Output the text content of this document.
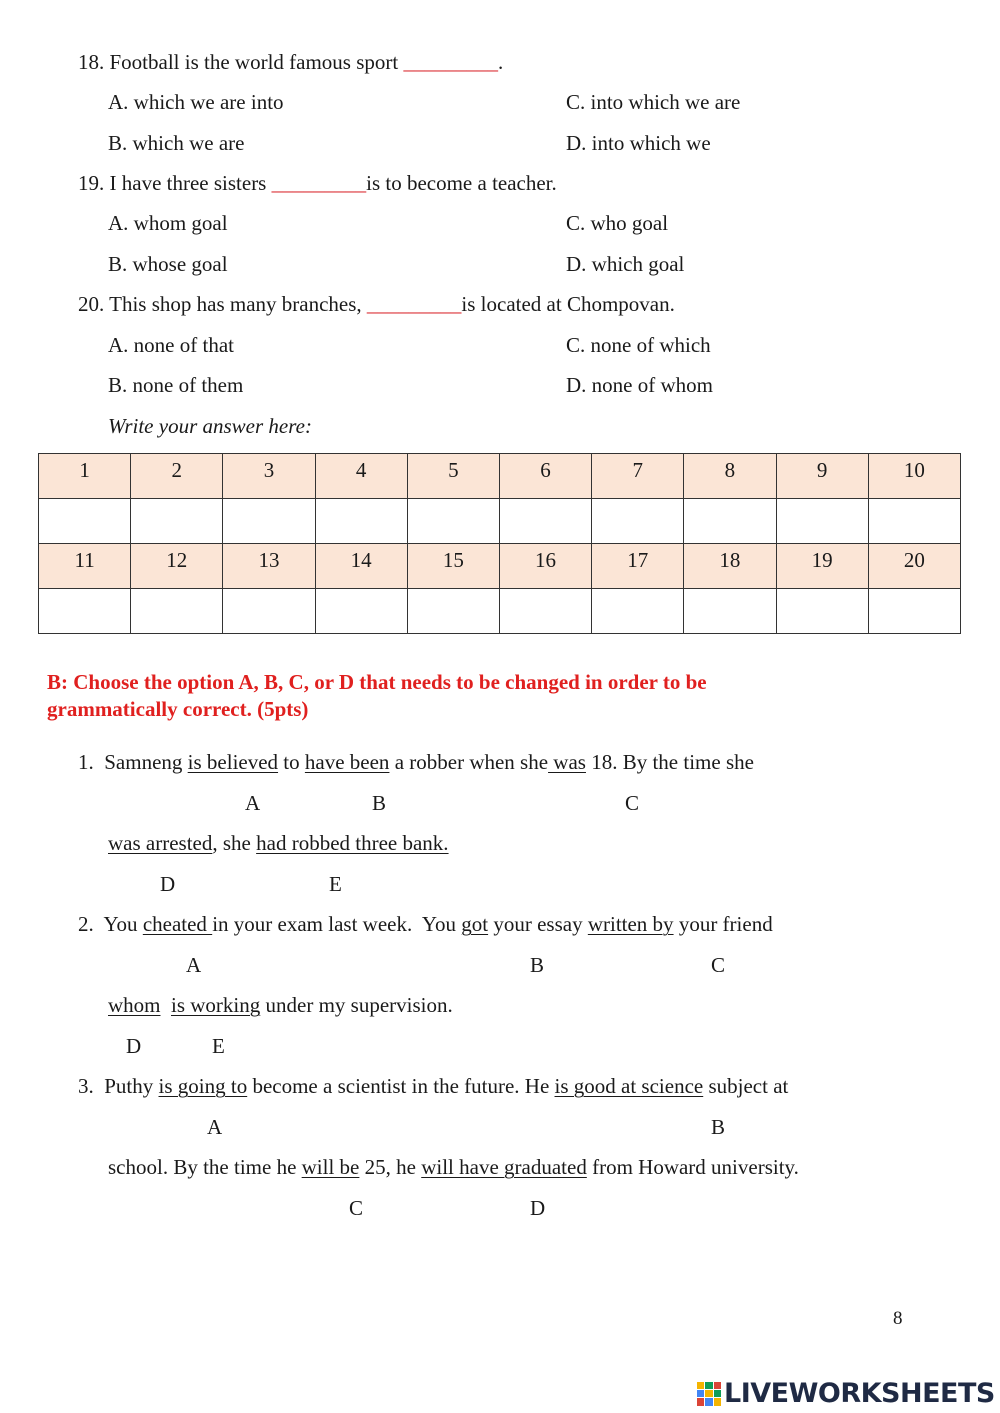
18. Football is the world famous sport _________.
A. which we are into	C. into which we are
B. which we are	D. into which we
19. I have three sisters _________is to become a teacher.
A. whom goal	C. who goal
B. whose goal	D. which goal
20. This shop has many branches, _________is located at Chompovan.
A. none of that	C. none of which
B. none of them	D. none of whom
Write your answer here:
1	2	3	4	5	6	7	8	9	10

11	12	13	14	15	16	17	18	19	20

B: Choose the option A, B, C, or D that needs to be changed in order to be
grammatically correct. (5pts)
1. Samneng is believed to have been a robber when she was 18. By the time she
A	B	C
was arrested, she had robbed three bank.
D	E
2. You cheated in your exam last week.  You got your essay written by your friend
A	B	C
whom is working under my supervision.
D	E
3. Puthy is going to become a scientist in the future. He is good at science subject at
A	B
school. By the time he will be 25, he will have graduated from Howard university.
C	D
8
LIVEWORKSHEETS
